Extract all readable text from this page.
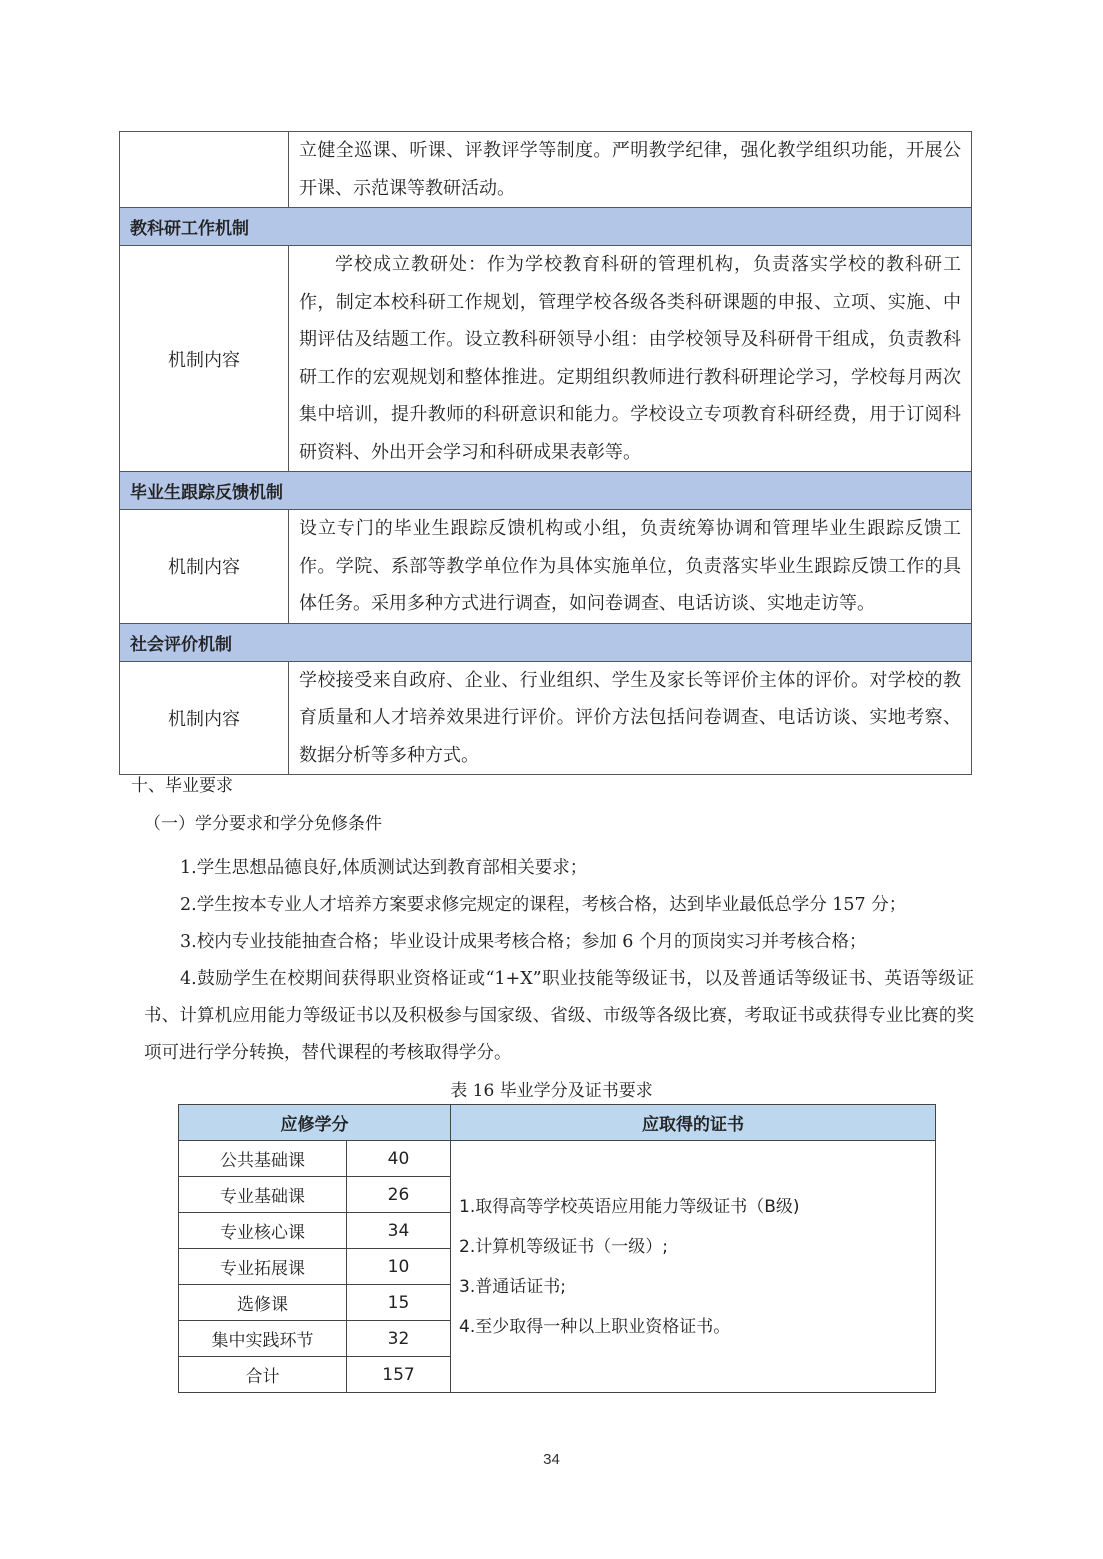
	立健全巡课、听课、评教评学等制度。严明教学纪律，强化教学组织功能，开展公开课、示范课等教研活动。
教科研工作机制	
机制内容	学校成立教研处：作为学校教育科研的管理机构，负责落实学校的教科研工作，制定本校科研工作规划，管理学校各级各类科研课题的申报、立项、实施、中期评估及结题工作。设立教科研领导小组：由学校领导及科研骨干组成，负责教科研工作的宏观规划和整体推进。定期组织教师进行教科研理论学习，学校每月两次集中培训，提升教师的科研意识和能力。学校设立专项教育科研经费，用于订阅科研资料、外出开会学习和科研成果表彰等。
毕业生跟踪反馈机制	
机制内容	设立专门的毕业生跟踪反馈机构或小组，负责统筹协调和管理毕业生跟踪反馈工作。学院、系部等教学单位作为具体实施单位，负责落实毕业生跟踪反馈工作的具体任务。采用多种方式进行调查，如问卷调查、电话访谈、实地走访等。
社会评价机制	
机制内容	学校接受来自政府、企业、行业组织、学生及家长等评价主体的评价。对学校的教育质量和人才培养效果进行评价。评价方法包括问卷调查、电话访谈、实地考察、数据分析等多种方式。
十、毕业要求
（一）学分要求和学分免修条件
1.学生思想品德良好,体质测试达到教育部相关要求；
2.学生按本专业人才培养方案要求修完规定的课程，考核合格，达到毕业最低总学分 157 分；
3.校内专业技能抽查合格；毕业设计成果考核合格；参加 6 个月的顶岗实习并考核合格；
4.鼓励学生在校期间获得职业资格证或“1+X”职业技能等级证书，以及普通话等级证书、英语等级证书、计算机应用能力等级证书以及积极参与国家级、省级、市级等各级比赛，考取证书或获得专业比赛的奖项可进行学分转换，替代课程的考核取得学分。
表 16 毕业学分及证书要求
应修学分		应取得的证书
公共基础课	40	1.取得高等学校英语应用能力等级证书（B级)
2.计算机等级证书（一级）;
3.普通话证书;
4.至少取得一种以上职业资格证书。

专业基础课	26	
专业核心课	34	
专业拓展课	10	
选修课	15	
集中实践环节	32	
合计	157	
34
